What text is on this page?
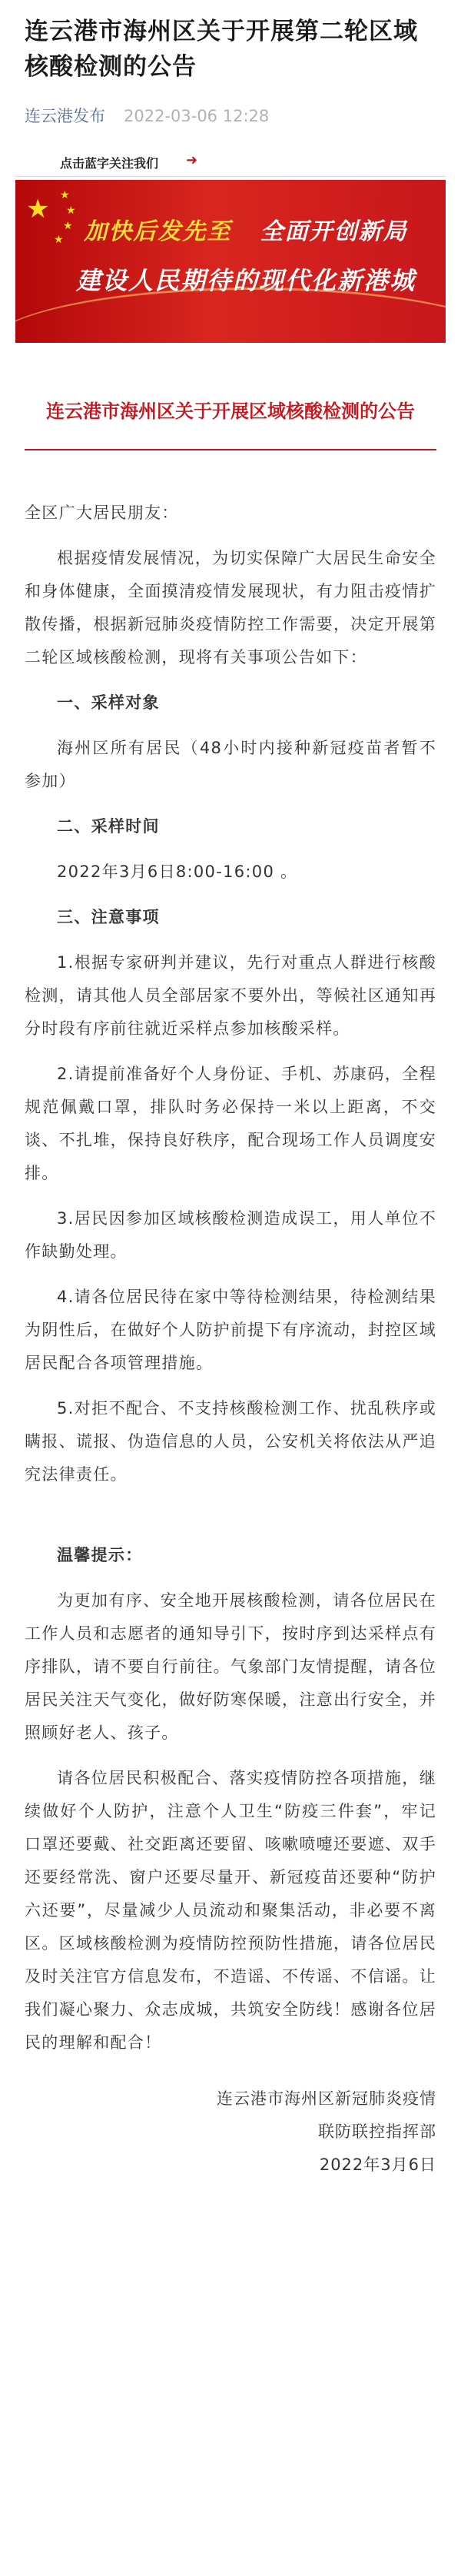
连云港市海州区关于开展第二轮区域核酸检测的公告
连云港发布 2022-03-06 12:28
点击蓝字关注我们 ➜
★ ★
★
★
★ 加快后发先至 全面开创新局
建设人民期待的现代化新港城
连云港市海州区关于开展区域核酸检测的公告

全区广大居民朋友：

根据疫情发展情况，为切实保障广大居民生命安全和身体健康，全面摸清疫情发展现状，有力阻击疫情扩散传播，根据新冠肺炎疫情防控工作需要，决定开展第二轮区域核酸检测，现将有关事项公告如下：

一、采样对象

海州区所有居民（48小时内接种新冠疫苗者暂不参加）

二、采样时间

2022年3月6日8:00-16:00 。

三、注意事项

1.根据专家研判并建议，先行对重点人群进行核酸检测，请其他人员全部居家不要外出，等候社区通知再分时段有序前往就近采样点参加核酸采样。

2.请提前准备好个人身份证、手机、苏康码，全程规范佩戴口罩，排队时务必保持一米以上距离，不交谈、不扎堆，保持良好秩序，配合现场工作人员调度安排。

3.居民因参加区域核酸检测造成误工，用人单位不作缺勤处理。

4.请各位居民待在家中等待检测结果，待检测结果为阴性后，在做好个人防护前提下有序流动，封控区域居民配合各项管理措施。

5.对拒不配合、不支持核酸检测工作、扰乱秩序或瞒报、谎报、伪造信息的人员，公安机关将依法从严追究法律责任。

温馨提示：

为更加有序、安全地开展核酸检测，请各位居民在工作人员和志愿者的通知导引下，按时序到达采样点有序排队，请不要自行前往。气象部门友情提醒，请各位居民关注天气变化，做好防寒保暖，注意出行安全，并照顾好老人、孩子。

请各位居民积极配合、落实疫情防控各项措施，继续做好个人防护，注意个人卫生“防疫三件套”，牢记口罩还要戴、社交距离还要留、咳嗽喷嚏还要遮、双手还要经常洗、窗户还要尽量开、新冠疫苗还要种“防护六还要”，尽量减少人员流动和聚集活动，非必要不离区。区域核酸检测为疫情防控预防性措施，请各位居民及时关注官方信息发布，不造谣、不传谣、不信谣。让我们凝心聚力、众志成城，共筑安全防线！感谢各位居民的理解和配合！

连云港市海州区新冠肺炎疫情
联防联控指挥部
2022年3月6日
